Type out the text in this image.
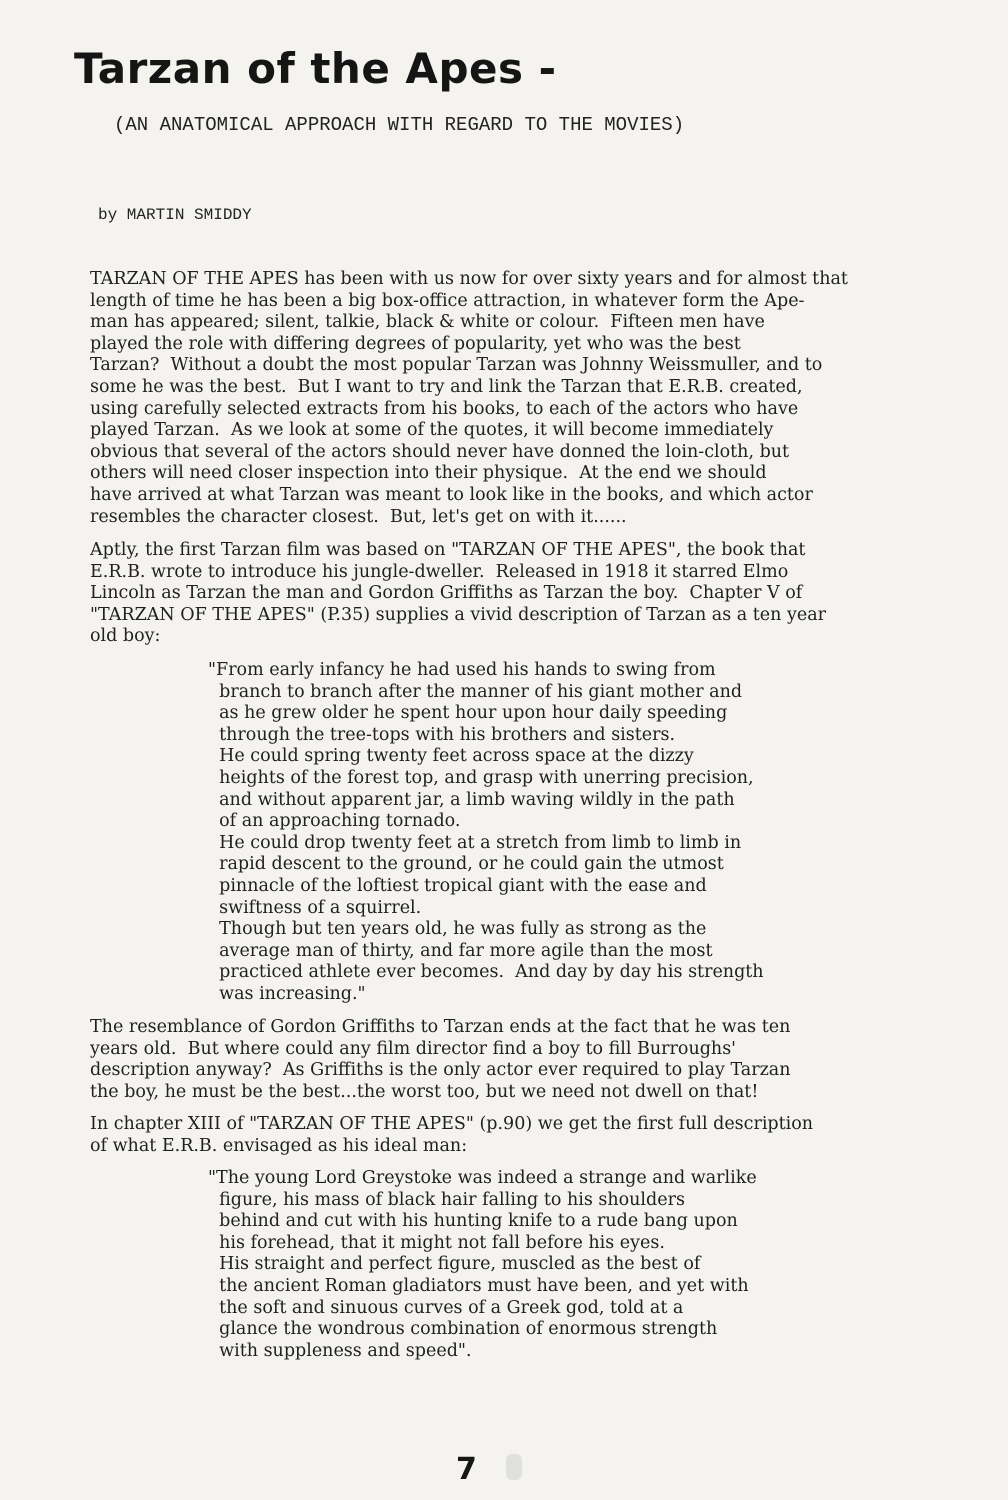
Tarzan of the Apes -
(AN ANATOMICAL APPROACH WITH REGARD TO THE MOVIES)
by MARTIN SMIDDY
TARZAN OF THE APES has been with us now for over sixty years and for almost that
length of time he has been a big box-office attraction, in whatever form the Ape-
man has appeared; silent, talkie, black & white or colour.  Fifteen men have
played the role with differing degrees of popularity, yet who was the best
Tarzan?  Without a doubt the most popular Tarzan was Johnny Weissmuller, and to
some he was the best.  But I want to try and link the Tarzan that E.R.B. created,
using carefully selected extracts from his books, to each of the actors who have
played Tarzan.  As we look at some of the quotes, it will become immediately
obvious that several of the actors should never have donned the loin-cloth, but
others will need closer inspection into their physique.  At the end we should
have arrived at what Tarzan was meant to look like in the books, and which actor
resembles the character closest.  But, let's get on with it......
Aptly, the first Tarzan film was based on "TARZAN OF THE APES", the book that
E.R.B. wrote to introduce his jungle-dweller.  Released in 1918 it starred Elmo
Lincoln as Tarzan the man and Gordon Griffiths as Tarzan the boy.  Chapter V of
"TARZAN OF THE APES" (P.35) supplies a vivid description of Tarzan as a ten year
old boy:
"From early infancy he had used his hands to swing from
branch to branch after the manner of his giant mother and
as he grew older he spent hour upon hour daily speeding
through the tree-tops with his brothers and sisters.
He could spring twenty feet across space at the dizzy
heights of the forest top, and grasp with unerring precision,
and without apparent jar, a limb waving wildly in the path
of an approaching tornado.
He could drop twenty feet at a stretch from limb to limb in
rapid descent to the ground, or he could gain the utmost
pinnacle of the loftiest tropical giant with the ease and
swiftness of a squirrel.
Though but ten years old, he was fully as strong as the
average man of thirty, and far more agile than the most
practiced athlete ever becomes.  And day by day his strength
was increasing."
The resemblance of Gordon Griffiths to Tarzan ends at the fact that he was ten
years old.  But where could any film director find a boy to fill Burroughs'
description anyway?  As Griffiths is the only actor ever required to play Tarzan
the boy, he must be the best...the worst too, but we need not dwell on that!
In chapter XIII of "TARZAN OF THE APES" (p.90) we get the first full description
of what E.R.B. envisaged as his ideal man:
"The young Lord Greystoke was indeed a strange and warlike
figure, his mass of black hair falling to his shoulders
behind and cut with his hunting knife to a rude bang upon
his forehead, that it might not fall before his eyes.
His straight and perfect figure, muscled as the best of
the ancient Roman gladiators must have been, and yet with
the soft and sinuous curves of a Greek god, told at a
glance the wondrous combination of enormous strength
with suppleness and speed".
7
